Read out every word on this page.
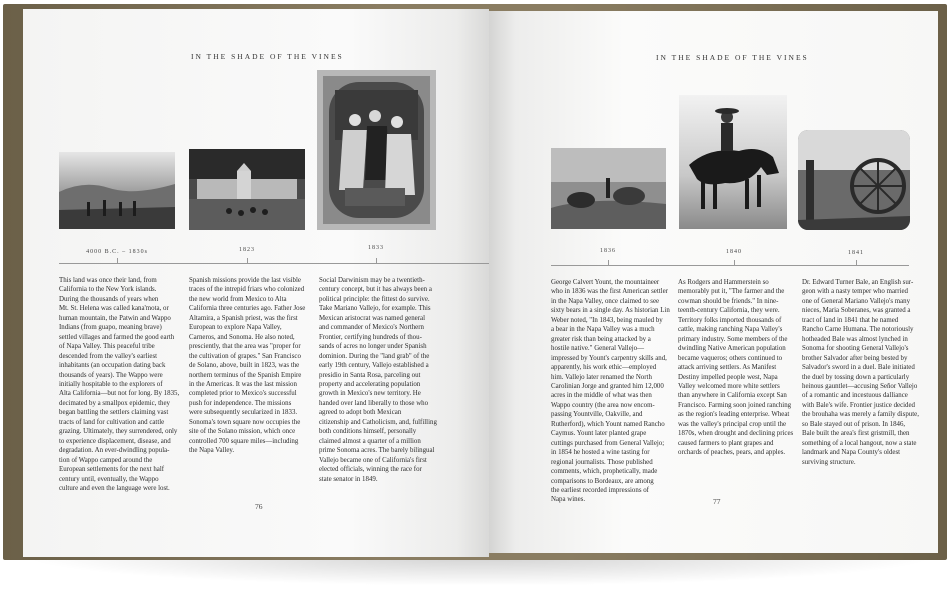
IN THE SHADE OF THE VINES
4000 B.C. – 1830s	1823	1833
This land was once their land, from
California to the New York islands.
During the thousands of years when
Mt. St. Helena was called kana'mota, or
human mountain, the Patwin and Wappo
Indians (from guapo, meaning brave)
settled villages and farmed the good earth
of Napa Valley. This peaceful tribe
descended from the valley's earliest
inhabitants (an occupation dating back
thousands of years). The Wappo were
initially hospitable to the explorers of
Alta California—but not for long. By 1835,
decimated by a smallpox epidemic, they
began battling the settlers claiming vast
tracts of land for cultivation and cattle
grazing. Ultimately, they surrendered, only
to experience displacement, disease, and
degradation. An ever-dwindling popula-
tion of Wappo camped around the
European settlements for the next half
century until, eventually, the Wappo
culture and even the language were lost.
Spanish missions provide the last visible
traces of the intrepid friars who colonized
the new world from Mexico to Alta
California three centuries ago. Father Jose
Altamira, a Spanish priest, was the first
European to explore Napa Valley,
Carneros, and Sonoma. He also noted,
presciently, that the area was "proper for
the cultivation of grapes." San Francisco
de Solano, above, built in 1823, was the
northern terminus of the Spanish Empire
in the Americas. It was the last mission
completed prior to Mexico's successful
push for independence. The missions
were subsequently secularized in 1833.
Sonoma's town square now occupies the
site of the Solano mission, which once
controlled 700 square miles—including
the Napa Valley.
Social Darwinism may be a twentieth-
century concept, but it has always been a
political principle: the fittest do survive.
Take Mariano Vallejo, for example. This
Mexican aristocrat was named general
and commander of Mexico's Northern
Frontier, certifying hundreds of thou-
sands of acres no longer under Spanish
dominion. During the "land grab" of the
early 19th century, Vallejo established a
presidio in Santa Rosa, parceling out
property and accelerating population
growth in Mexico's new territory. He
handed over land liberally to those who
agreed to adopt both Mexican
citizenship and Catholicism, and, fulfilling
both conditions himself, personally
claimed almost a quarter of a million
prime Sonoma acres. The barely bilingual
Vallejo became one of California's first
elected officials, winning the race for
state senator in 1849.
76
IN THE SHADE OF THE VINES
1836	1840	1841
George Calvert Yount, the mountaineer
who in 1836 was the first American settler
in the Napa Valley, once claimed to see
sixty bears in a single day. As historian Lin
Weber noted, "In 1843, being mauled by
a bear in the Napa Valley was a much
greater risk than being attacked by a
hostile native." General Vallejo—
impressed by Yount's carpentry skills and,
apparently, his work ethic—employed
him. Vallejo later renamed the North
Carolinian Jorge and granted him 12,000
acres in the middle of what was then
Wappo country (the area now encom-
passing Yountville, Oakville, and
Rutherford), which Yount named Rancho
Caymus. Yount later planted grape
cuttings purchased from General Vallejo;
in 1854 he hosted a wine tasting for
regional journalists. Those published
comments, which, prophetically, made
comparisons to Bordeaux, are among
the earliest recorded impressions of
Napa wines.
As Rodgers and Hammerstein so
memorably put it, "The farmer and the
cowman should be friends." In nine-
teenth-century California, they were.
Territory folks imported thousands of
cattle, making ranching Napa Valley's
primary industry. Some members of the
dwindling Native American population
became vaqueros; others continued to
attack arriving settlers. As Manifest
Destiny impelled people west, Napa
Valley welcomed more white settlers
than anywhere in California except San
Francisco. Farming soon joined ranching
as the region's leading enterprise. Wheat
was the valley's principal crop until the
1870s, when drought and declining prices
caused farmers to plant grapes and
orchards of peaches, pears, and apples.
Dr. Edward Turner Bale, an English sur-
geon with a nasty temper who married
one of General Mariano Vallejo's many
nieces, Maria Soberanes, was granted a
tract of land in 1841 that he named
Rancho Carne Humana. The notoriously
hotheaded Bale was almost lynched in
Sonoma for shooting General Vallejo's
brother Salvador after being bested by
Salvador's sword in a duel. Bale initiated
the duel by tossing down a particularly
heinous gauntlet—accusing Señor Vallejo
of a romantic and incestuous dalliance
with Bale's wife. Frontier justice decided
the brouhaha was merely a family dispute,
so Bale stayed out of prison. In 1846,
Bale built the area's first gristmill, then
something of a local hangout, now a state
landmark and Napa County's oldest
surviving structure.
77
